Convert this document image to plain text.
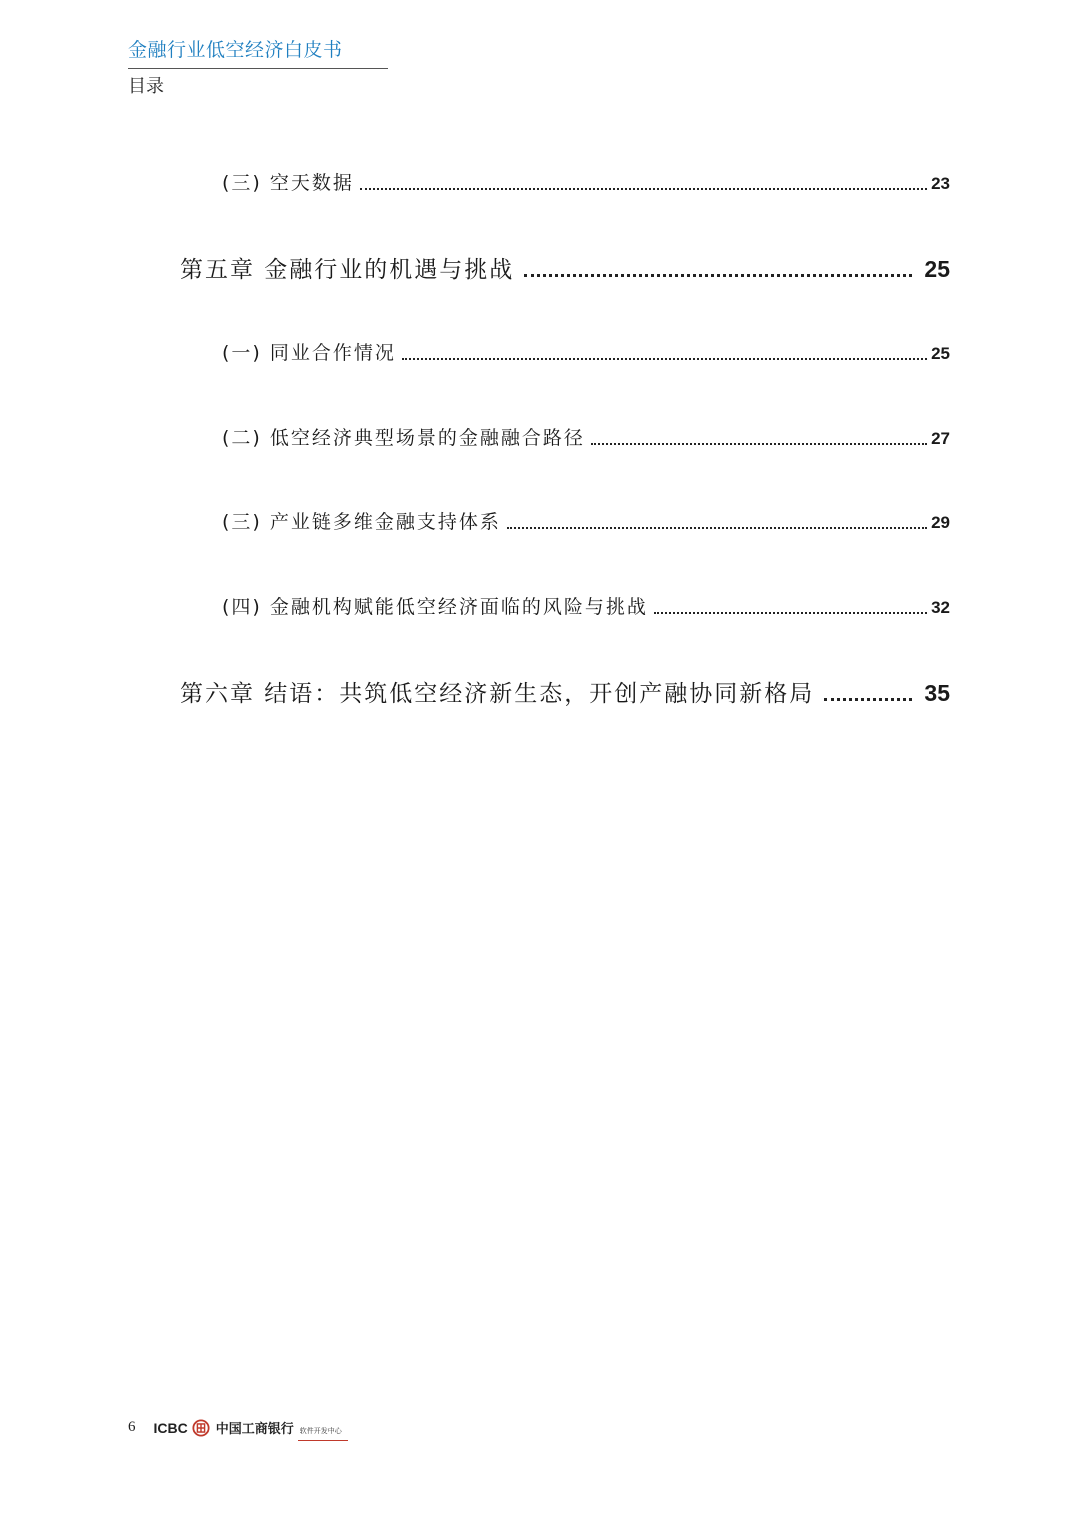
金融行业低空经济白皮书
目录
(三) 空天数据	23
第五章 金融行业的机遇与挑战	25
(一) 同业合作情况	25
(二) 低空经济典型场景的金融融合路径	27
(三) 产业链多维金融支持体系	29
(四) 金融机构赋能低空经济面临的风险与挑战	32
第六章 结语：共筑低空经济新生态，开创产融协同新格局	35
6 ICBC 中国工商银行 软件开发中心
